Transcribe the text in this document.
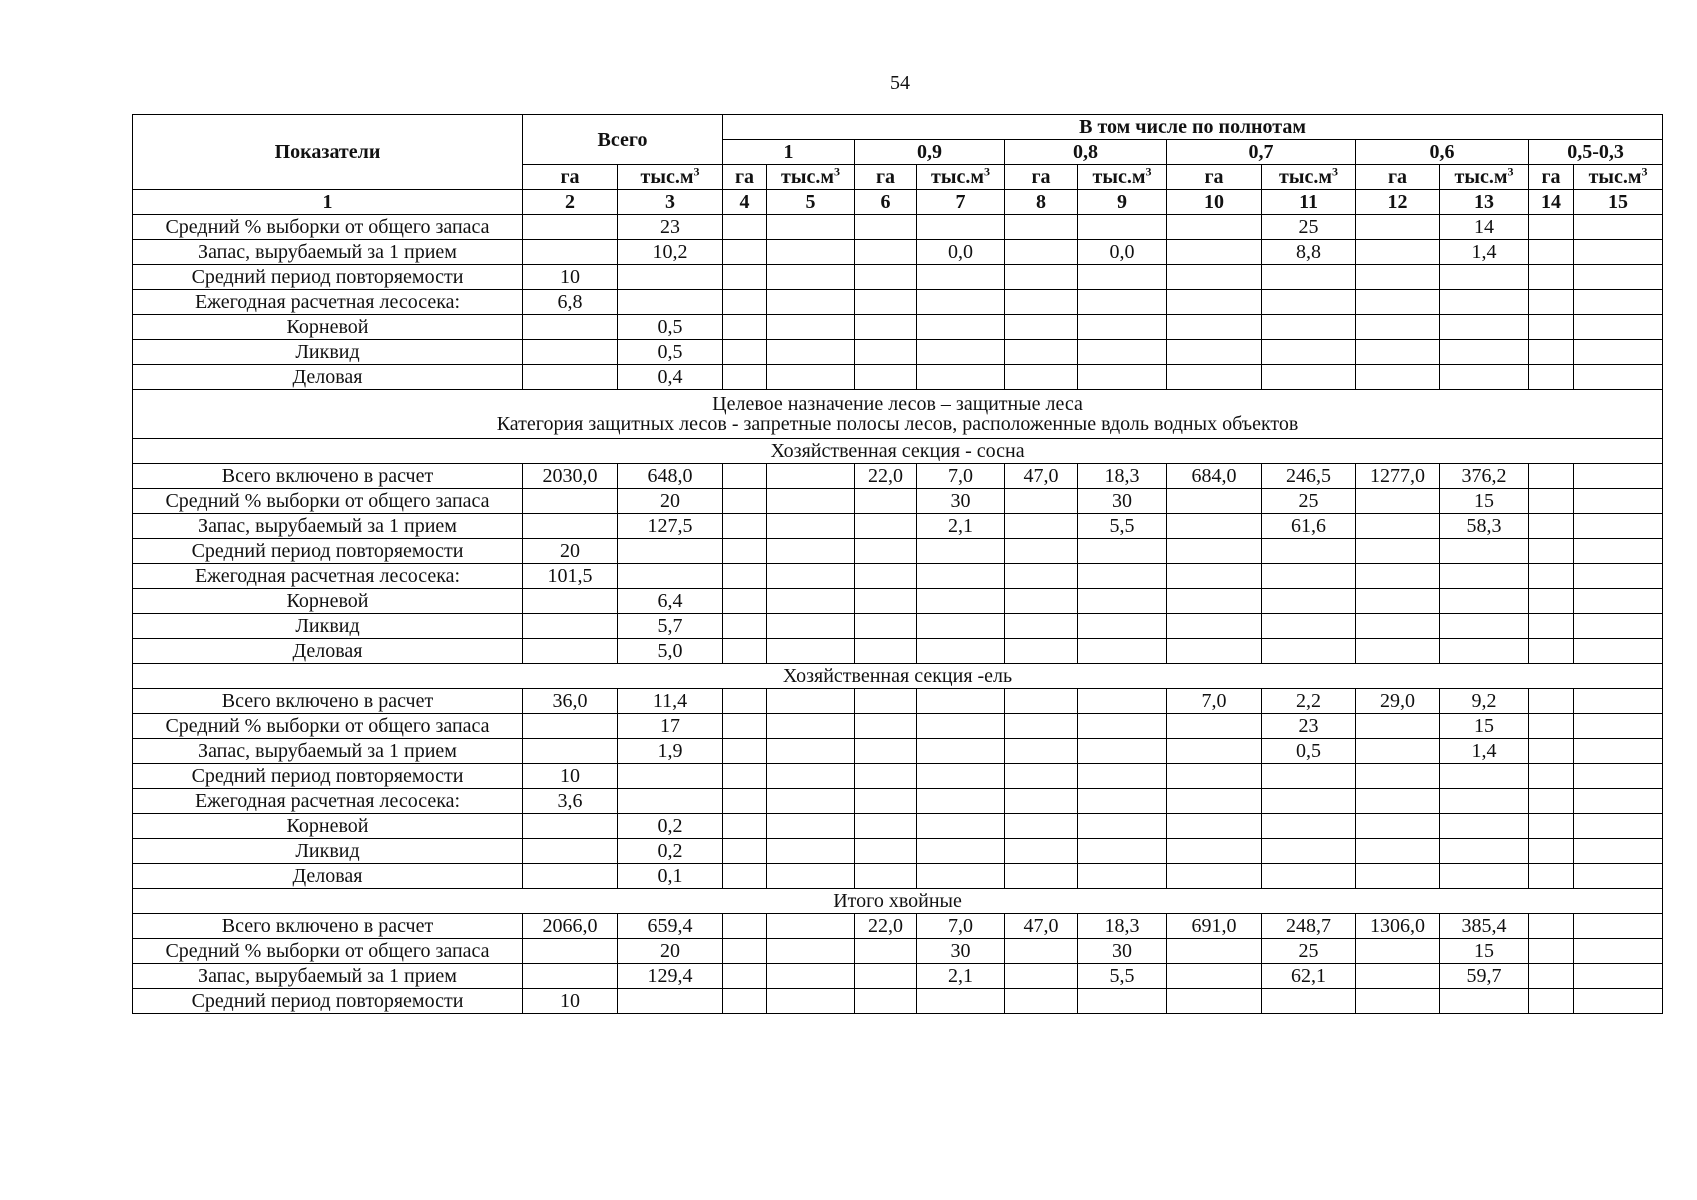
54
Показатели	Всего		В том числе по полнотам											
			1		0,9		0,8		0,7		0,6		0,5-0,3	
	га	$тыс.м^3$	га	$тыс.м^3$	га	$тыс.м^3$	га	$тыс.м^3$	га	$тыс.м^3$	га	$тыс.м^3$	га	$тыс.м^3$
1	2	3	4	5	6	7	8	9	10	11	12	13	14	15
Средний % выборки от общего запаса		23								25		14		
Запас, вырубаемый за 1 прием		10,2				0,0		0,0		8,8		1,4		
Средний период повторяемости	10													
Ежегодная расчетная лесосека:	6,8													
Корневой		0,5												
Ликвид		0,5												
Деловая		0,4												

Целевое назначение лесов – защитные леса
Категория защитных лесов - запретные полосы лесов, расположенные вдоль водных объектов														

Хозяйственная секция - сосна														
Всего включено в расчет	2030,0	648,0			22,0	7,0	47,0	18,3	684,0	246,5	1277,0	376,2		
Средний % выборки от общего запаса		20				30		30		25		15		
Запас, вырубаемый за 1 прием		127,5				2,1		5,5		61,6		58,3		
Средний период повторяемости	20													
Ежегодная расчетная лесосека:	101,5													
Корневой		6,4												
Ликвид		5,7												
Деловая		5,0												
Хозяйственная секция -ель														
Всего включено в расчет	36,0	11,4							7,0	2,2	29,0	9,2		
Средний % выборки от общего запаса		17								23		15		
Запас, вырубаемый за 1 прием		1,9								0,5		1,4		
Средний период повторяемости	10													
Ежегодная расчетная лесосека:	3,6													
Корневой		0,2												
Ликвид		0,2												
Деловая		0,1												
Итого хвойные														
Всего включено в расчет	2066,0	659,4			22,0	7,0	47,0	18,3	691,0	248,7	1306,0	385,4		
Средний % выборки от общего запаса		20				30		30		25		15		
Запас, вырубаемый за 1 прием		129,4				2,1		5,5		62,1		59,7		
Средний период повторяемости	10													
